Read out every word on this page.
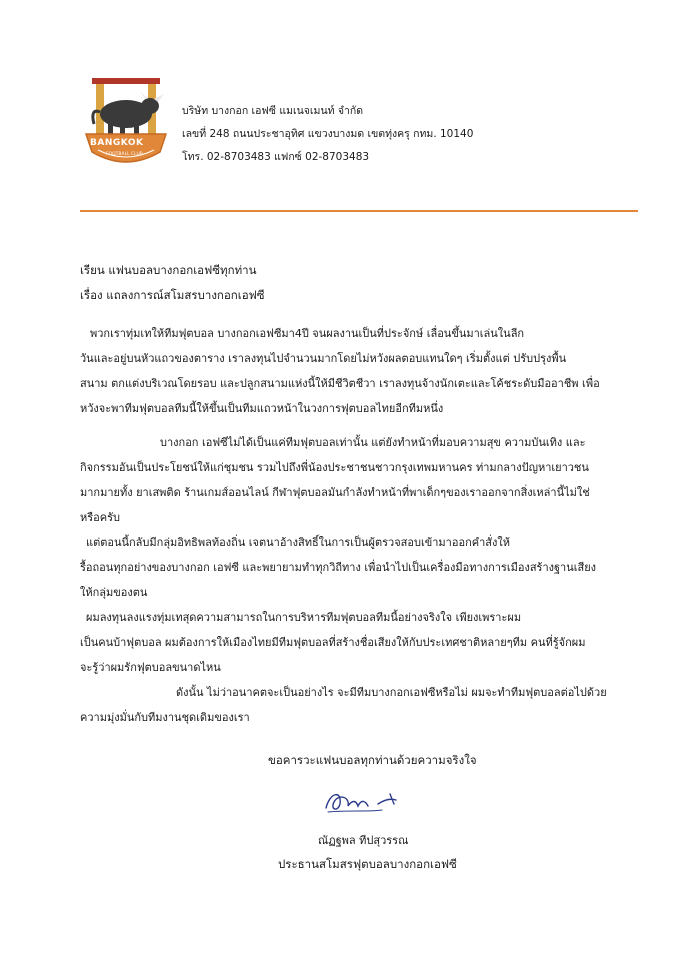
BANGKOK
FOOTBALL CLUB
บริษัท บางกอก เอฟซี แมเนจเมนท์ จำกัด
เลขที่ 248 ถนนประชาอุทิศ แขวงบางมด เขตทุ่งครุ กทม. 10140
โทร. 02-8703483 แฟกซ์ 02-8703483
เรียน แฟนบอลบางกอกเอฟซีทุกท่าน
เรื่อง แถลงการณ์สโมสรบางกอกเอฟซี
พวกเราทุ่มเทให้ทีมฟุตบอล บางกอกเอฟซีมา4ปี จนผลงานเป็นที่ประจักษ์ เลื่อนขึ้นมาเล่นในลีก
วันและอยู่บนหัวแถวของตาราง เราลงทุนไปจำนวนมากโดยไม่หวังผลตอบแทนใดๆ เริ่มตั้งแต่ ปรับปรุงพื้น
สนาม ตกแต่งบริเวณโดยรอบ และปลูกสนามแห่งนี้ให้มีชีวิตชีวา เราลงทุนจ้างนักเตะและโค้ชระดับมืออาชีพ เพื่อ
หวังจะพาทีมฟุตบอลทีมนี้ให้ขึ้นเป็นทีมแถวหน้าในวงการฟุตบอลไทยอีกทีมหนึ่ง
บางกอก เอฟซีไม่ได้เป็นแค่ทีมฟุตบอลเท่านั้น แต่ยังทำหน้าที่มอบความสุข ความบันเทิง และ
กิจกรรมอันเป็นประโยชน์ให้แก่ชุมชน รวมไปถึงพี่น้องประชาชนชาวกรุงเทพมหานคร ท่ามกลางปัญหาเยาวชน
มากมายทั้ง ยาเสพติด ร้านเกมส์ออนไลน์ กีฬาฟุตบอลมันกำลังทำหน้าที่พาเด็กๆของเราออกจากสิ่งเหล่านี้ไม่ใช่
หรือครับ
แต่ตอนนี้กลับมีกลุ่มอิทธิพลท้องถิ่น เจตนาอ้างสิทธิ์ในการเป็นผู้ตรวจสอบเข้ามาออกคำสั่งให้
รื้อถอนทุกอย่างของบางกอก เอฟซี และพยายามทำทุกวิถีทาง เพื่อนำไปเป็นเครื่องมือทางการเมืองสร้างฐานเสียง
ให้กลุ่มของตน
ผมลงทุนลงแรงทุ่มเทสุดความสามารถในการบริหารทีมฟุตบอลทีมนี้อย่างจริงใจ เพียงเพราะผม
เป็นคนบ้าฟุตบอล ผมต้องการให้เมืองไทยมีทีมฟุตบอลที่สร้างชื่อเสียงให้กับประเทศชาติหลายๆทีม คนที่รู้จักผม
จะรู้ว่าผมรักฟุตบอลขนาดไหน
ดังนั้น ไม่ว่าอนาคตจะเป็นอย่างไร จะมีทีมบางกอกเอฟซีหรือไม่ ผมจะทำทีมฟุตบอลต่อไปด้วย
ความมุ่งมั่นกับทีมงานชุดเดิมของเรา
ขอคารวะแฟนบอลทุกท่านด้วยความจริงใจ
ณัฏฐพล ทีปสุวรรณ
ประธานสโมสรฟุตบอลบางกอกเอฟซี
